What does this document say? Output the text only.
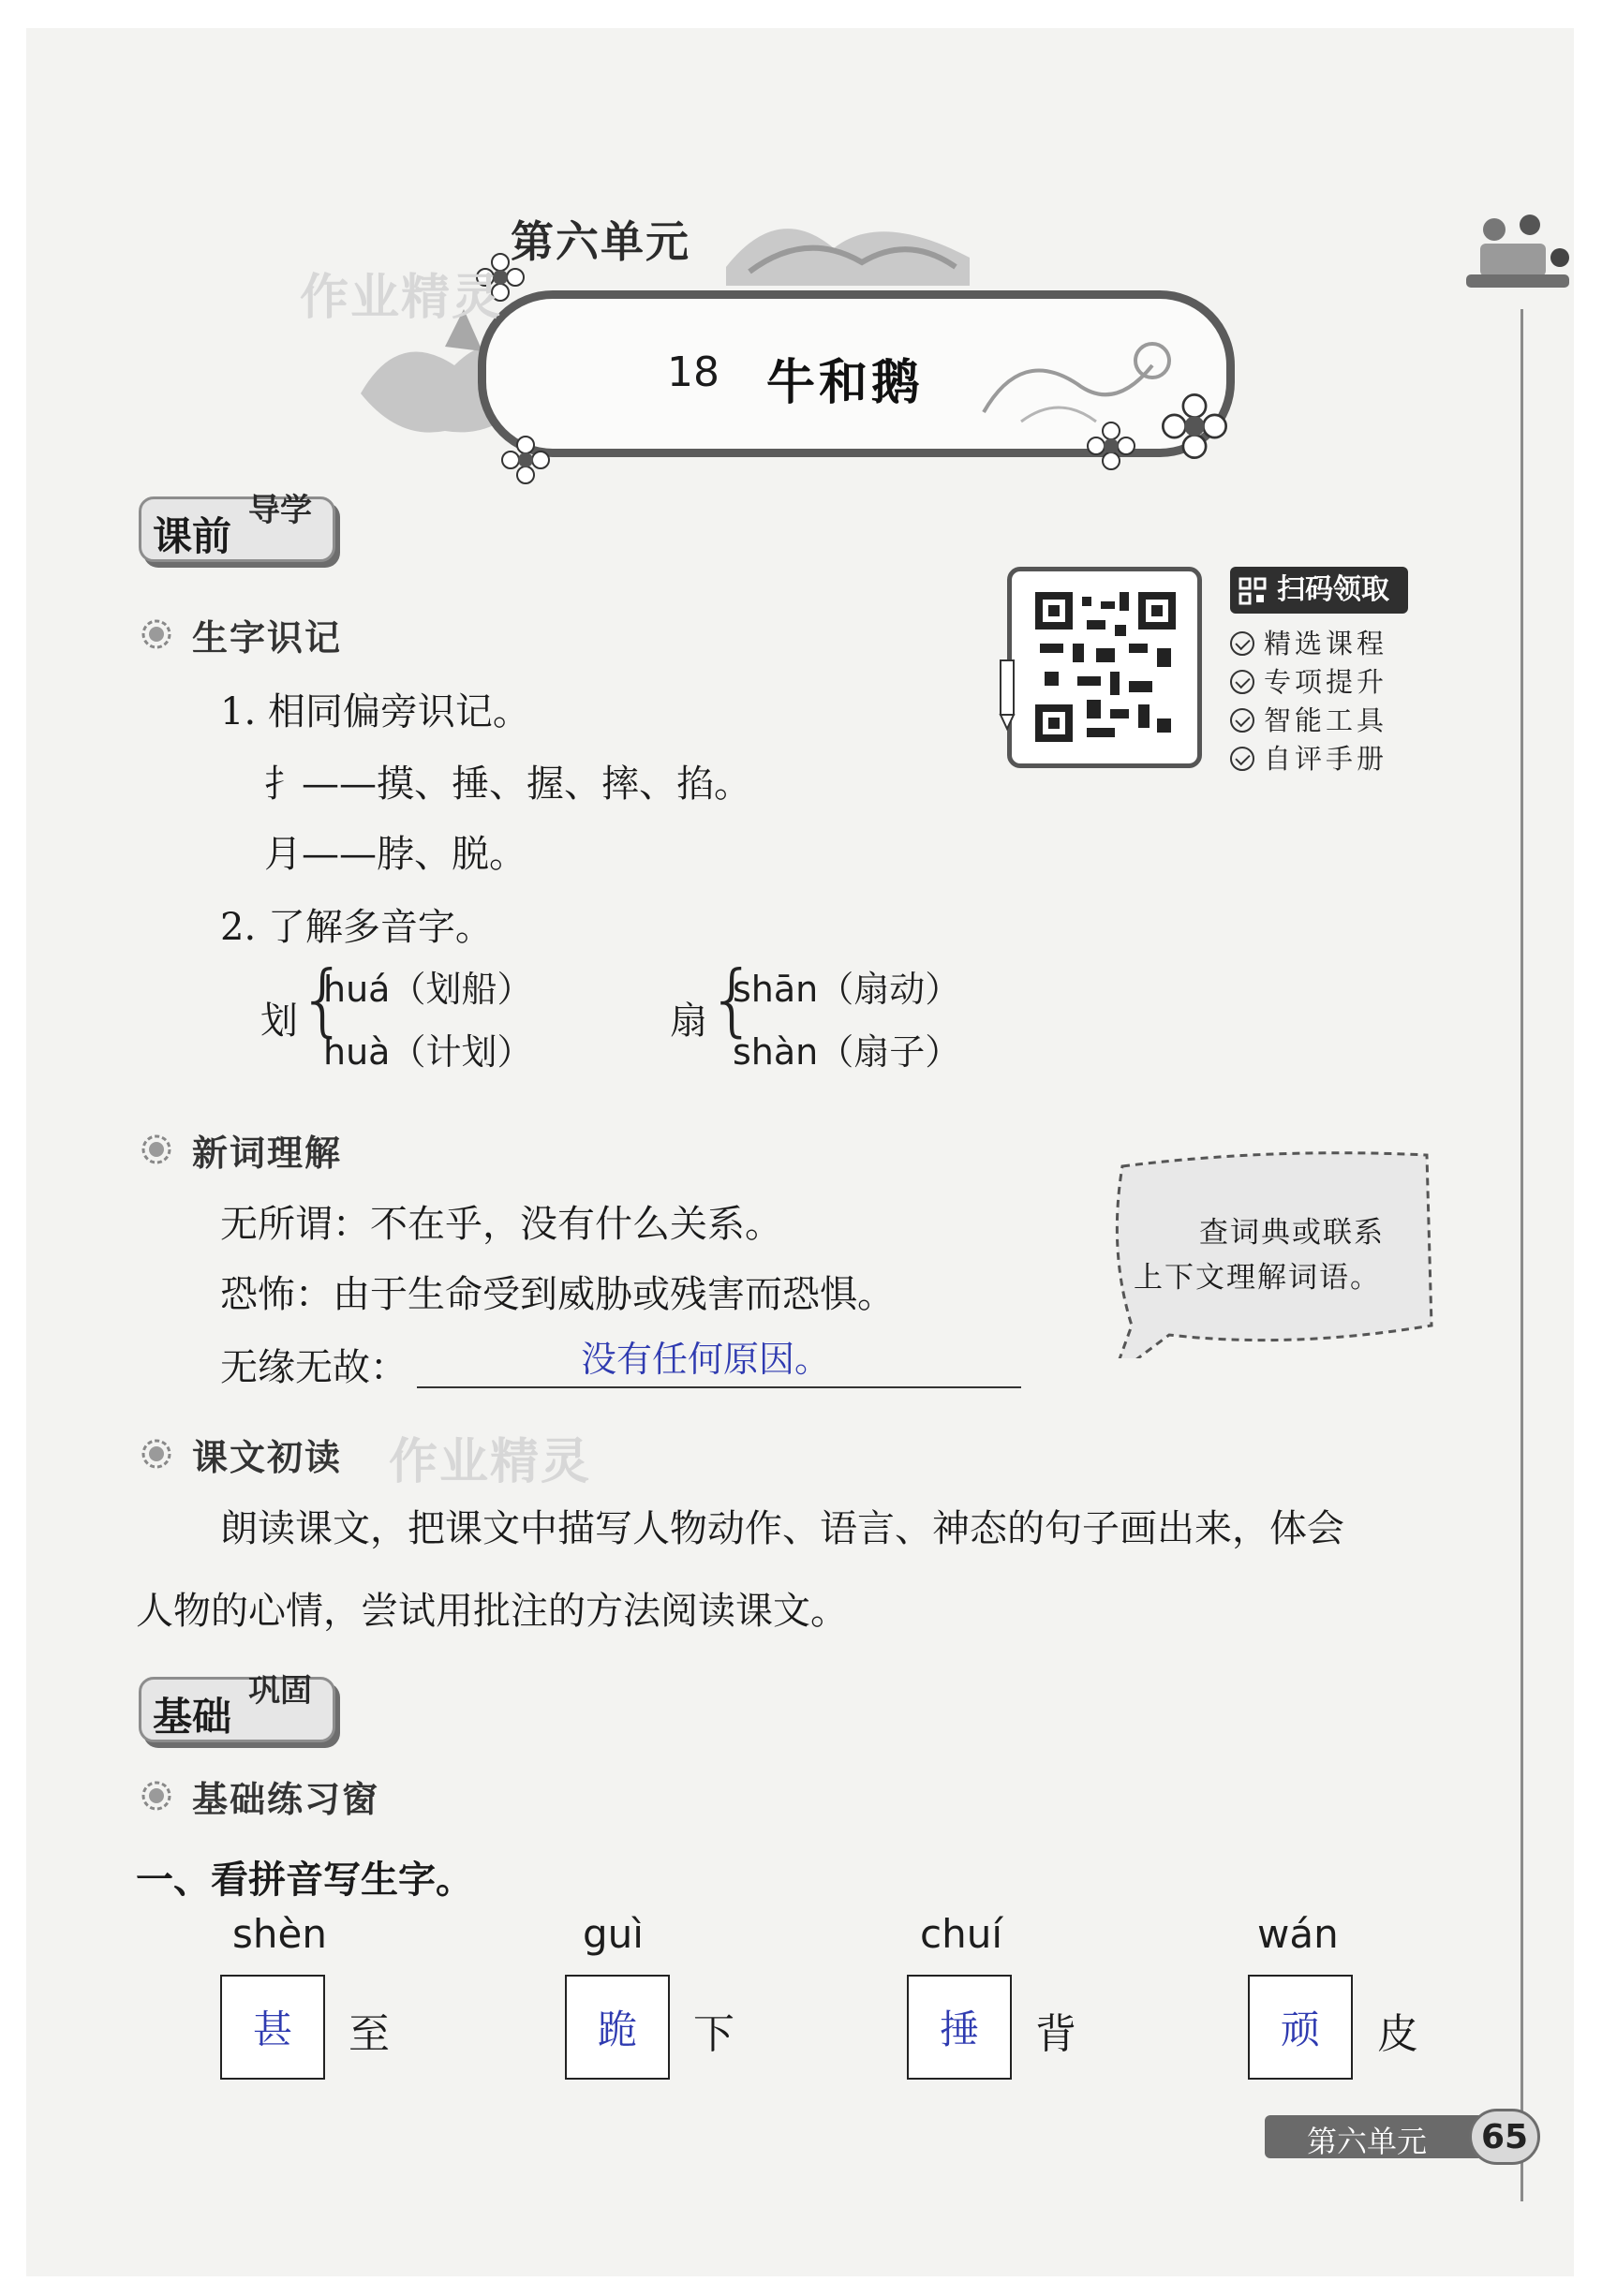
第六单元
18 牛和鹅
作业精灵
课前
导学
扫码领取
精选课程
专项提升
智能工具
自评手册
生字识记
1. 相同偏旁识记。
扌——摸、捶、握、摔、掐。
月——脖、脱。
2. 了解多音字。
划 {
huá（划船）
huà（计划）
扇 {
shān（扇动）
shàn（扇子）
新词理解
无所谓：不在乎，没有什么关系。
恐怖：由于生命受到威胁或残害而恐惧。
无缘无故：	没有任何原因。
查词典或联系
上下文理解词语。
课文初读 作业精灵
朗读课文，把课文中描写人物动作、语言、神态的句子画出来，体会
人物的心情，尝试用批注的方法阅读课文。
基础
巩固
基础练习窗
一、看拼音写生字。
shèn
甚	至
guì
跪	下
chuí
捶	背
wán
顽	皮
第六单元	65
